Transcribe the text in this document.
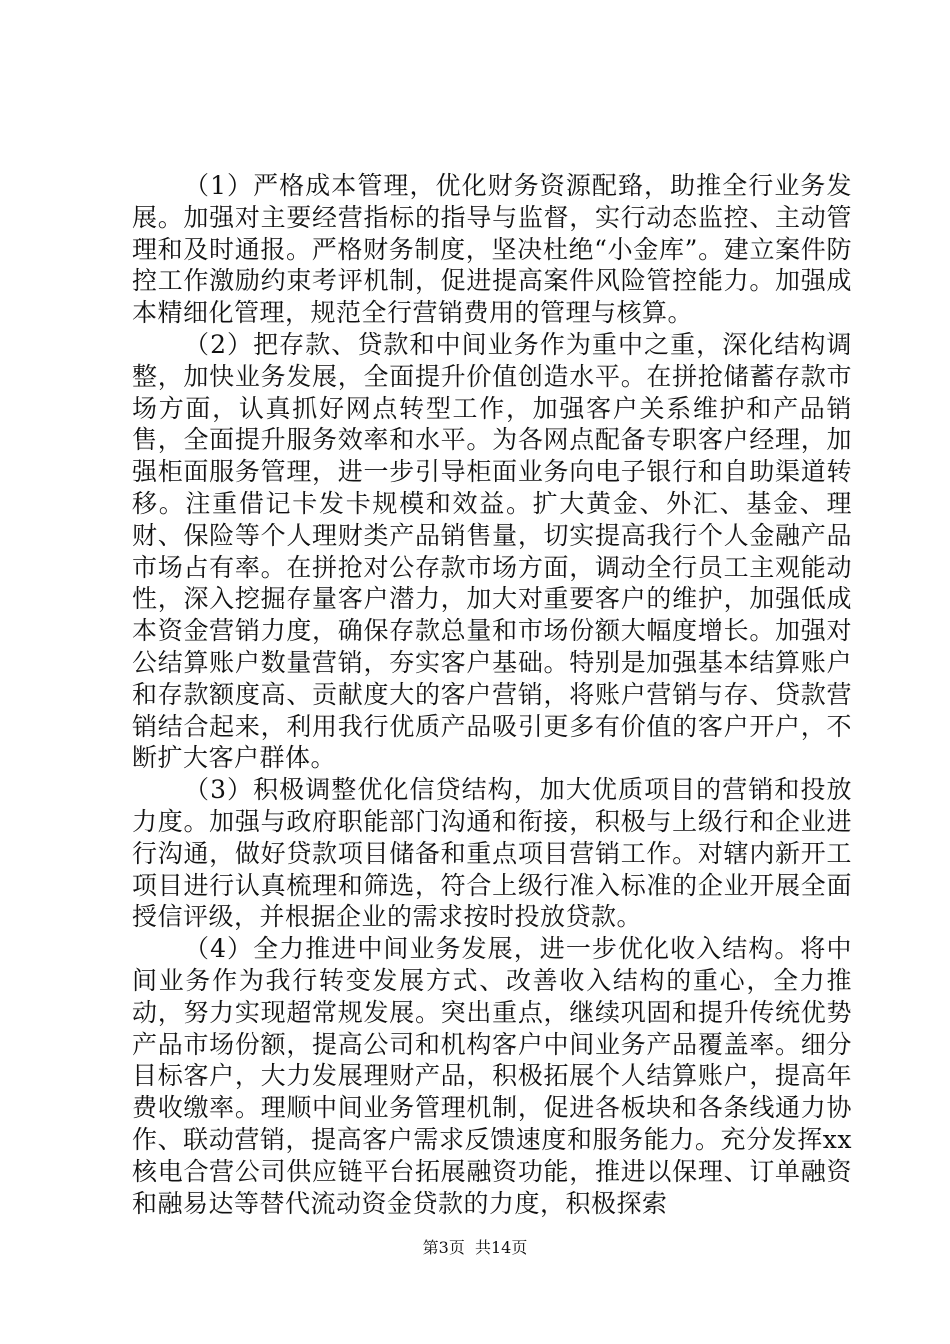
（1）严格成本管理，优化财务资源配臵，助推全行业务发展。加强对主要经营指标的指导与监督，实行动态监控、主动管理和及时通报。严格财务制度，坚决杜绝“小金库”。建立案件防控工作激励约束考评机制，促进提高案件风险管控能力。加强成本精细化管理，规范全行营销费用的管理与核算。

（2）把存款、贷款和中间业务作为重中之重，深化结构调整，加快业务发展，全面提升价值创造水平。在拼抢储蓄存款市场方面，认真抓好网点转型工作，加强客户关系维护和产品销售，全面提升服务效率和水平。为各网点配备专职客户经理，加强柜面服务管理，进一步引导柜面业务向电子银行和自助渠道转移。注重借记卡发卡规模和效益。扩大黄金、外汇、基金、理财、保险等个人理财类产品销售量，切实提高我行个人金融产品市场占有率。在拼抢对公存款市场方面，调动全行员工主观能动性，深入挖掘存量客户潜力，加大对重要客户的维护，加强低成本资金营销力度，确保存款总量和市场份额大幅度增长。加强对公结算账户数量营销，夯实客户基础。特别是加强基本结算账户和存款额度高、贡献度大的客户营销，将账户营销与存、贷款营销结合起来，利用我行优质产品吸引更多有价值的客户开户，不断扩大客户群体。

（3）积极调整优化信贷结构，加大优质项目的营销和投放力度。加强与政府职能部门沟通和衔接，积极与上级行和企业进行沟通，做好贷款项目储备和重点项目营销工作。对辖内新开工项目进行认真梳理和筛选，符合上级行准入标准的企业开展全面授信评级，并根据企业的需求按时投放贷款。

（4）全力推进中间业务发展，进一步优化收入结构。将中间业务作为我行转变发展方式、改善收入结构的重心，全力推动，努力实现超常规发展。突出重点，继续巩固和提升传统优势产品市场份额，提高公司和机构客户中间业务产品覆盖率。细分目标客户，大力发展理财产品，积极拓展个人结算账户，提高年费收缴率。理顺中间业务管理机制，促进各板块和各条线通力协作、联动营销，提高客户需求反馈速度和服务能力。充分发挥xx核电合营公司供应链平台拓展融资功能，推进以保理、订单融资和融易达等替代流动资金贷款的力度，积极探索

第3页  共14页
